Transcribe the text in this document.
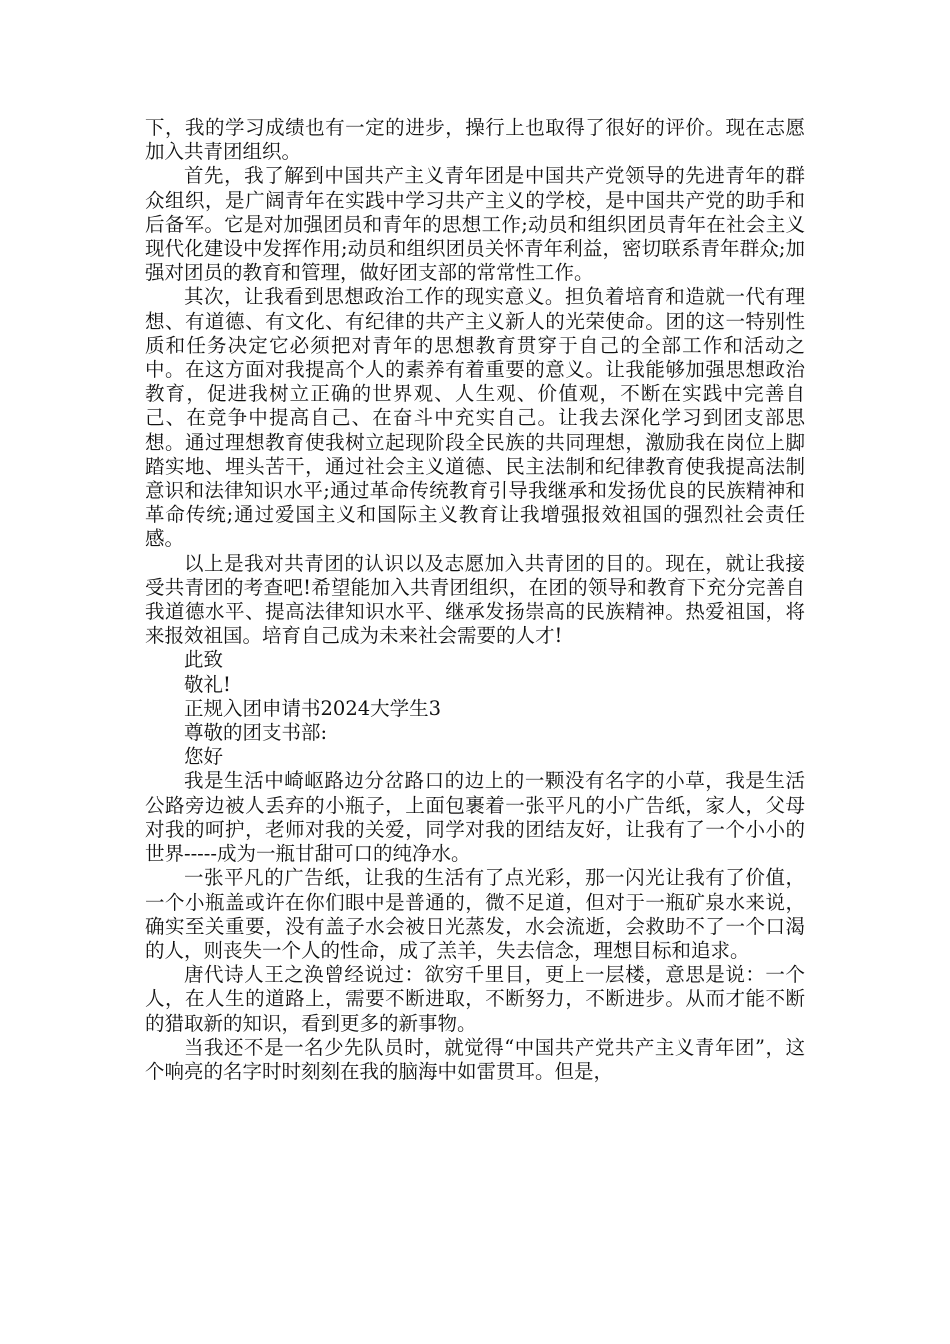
下，我的学习成绩也有一定的进步，操行上也取得了很好的评价。现在志愿加入共青团组织。

首先，我了解到中国共产主义青年团是中国共产党领导的先进青年的群众组织，是广阔青年在实践中学习共产主义的学校，是中国共产党的助手和后备军。它是对加强团员和青年的思想工作;动员和组织团员青年在社会主义现代化建设中发挥作用;动员和组织团员关怀青年利益，密切联系青年群众;加强对团员的教育和管理，做好团支部的常常性工作。

其次，让我看到思想政治工作的现实意义。担负着培育和造就一代有理想、有道德、有文化、有纪律的共产主义新人的光荣使命。团的这一特别性质和任务决定它必须把对青年的思想教育贯穿于自己的全部工作和活动之中。在这方面对我提高个人的素养有着重要的意义。让我能够加强思想政治教育，促进我树立正确的世界观、人生观、价值观，不断在实践中完善自己、在竞争中提高自己、在奋斗中充实自己。让我去深化学习到团支部思想。通过理想教育使我树立起现阶段全民族的共同理想，激励我在岗位上脚踏实地、埋头苦干，通过社会主义道德、民主法制和纪律教育使我提高法制意识和法律知识水平;通过革命传统教育引导我继承和发扬优良的民族精神和革命传统;通过爱国主义和国际主义教育让我增强报效祖国的强烈社会责任感。

以上是我对共青团的认识以及志愿加入共青团的目的。现在，就让我接受共青团的考查吧!希望能加入共青团组织，在团的领导和教育下充分完善自我道德水平、提高法律知识水平、继承发扬崇高的民族精神。热爱祖国，将来报效祖国。培育自己成为未来社会需要的人才!

此致

敬礼!

正规入团申请书2024大学生3

尊敬的团支书部:

您好

我是生活中崎岖路边分岔路口的边上的一颗没有名字的小草，我是生活公路旁边被人丢弃的小瓶子，上面包裹着一张平凡的小广告纸，家人，父母对我的呵护，老师对我的关爱，同学对我的团结友好，让我有了一个小小的世界-----成为一瓶甘甜可口的纯净水。

一张平凡的广告纸，让我的生活有了点光彩，那一闪光让我有了价值，一个小瓶盖或许在你们眼中是普通的，微不足道，但对于一瓶矿泉水来说，确实至关重要，没有盖子水会被日光蒸发，水会流逝，会救助不了一个口渴的人，则丧失一个人的性命，成了羔羊，失去信念，理想目标和追求。

唐代诗人王之涣曾经说过：欲穷千里目，更上一层楼，意思是说：一个人，在人生的道路上，需要不断进取，不断努力，不断进步。从而才能不断的猎取新的知识，看到更多的新事物。

当我还不是一名少先队员时，就觉得“中国共产党共产主义青年团”，这个响亮的名字时时刻刻在我的脑海中如雷贯耳。但是，
